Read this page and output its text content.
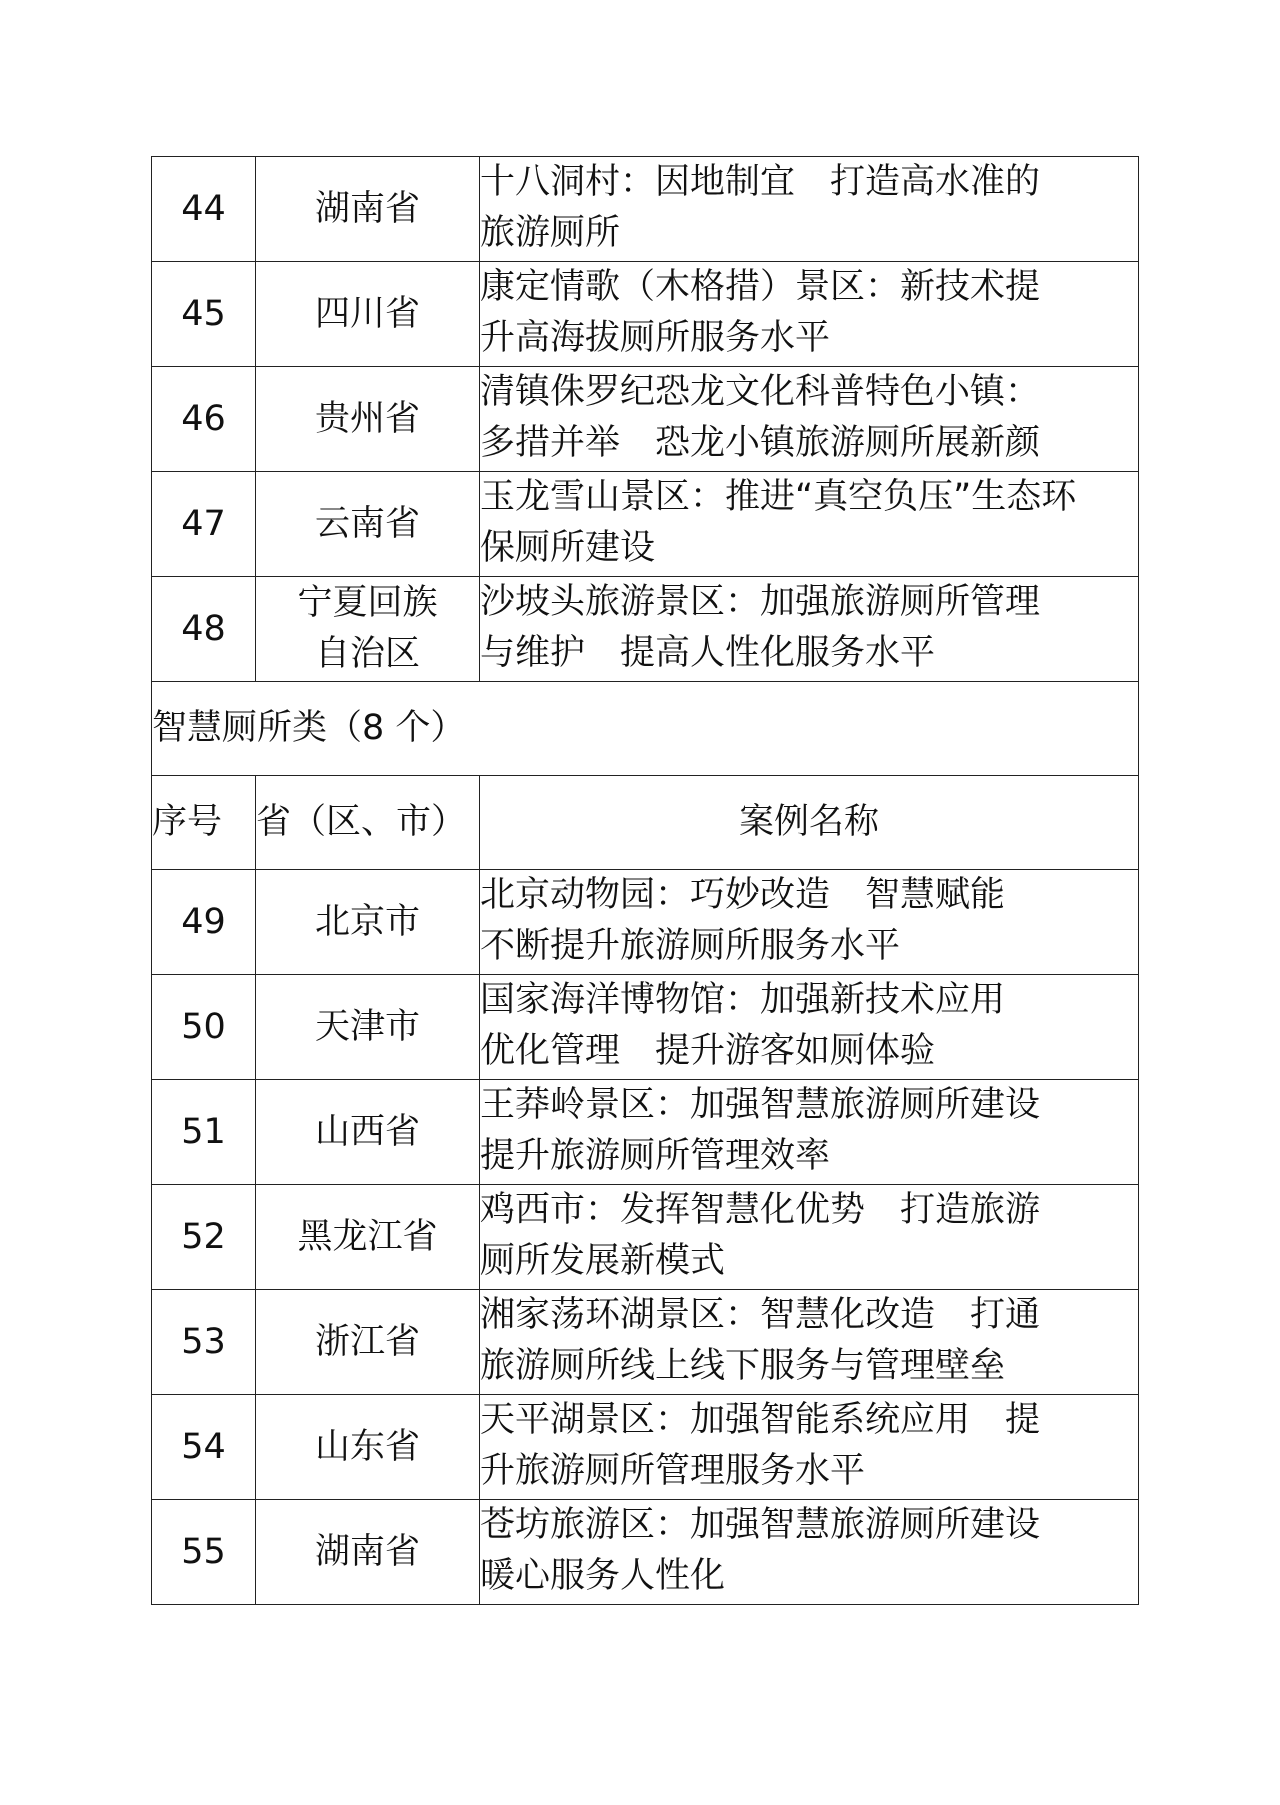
44	湖南省	十八洞村：因地制宜　打造高水准的
旅游厕所

45	四川省	康定情歌（木格措）景区：新技术提
升高海拔厕所服务水平

46	贵州省	清镇侏罗纪恐龙文化科普特色小镇：
多措并举　恐龙小镇旅游厕所展新颜

47	云南省	玉龙雪山景区：推进“真空负压”生态环
保厕所建设

48	宁夏回族
自治区	沙坡头旅游景区：加强旅游厕所管理
与维护　提高人性化服务水平

智慧厕所类（8 个）		
序号	省（区、市）	案例名称
49	北京市	北京动物园：巧妙改造　智慧赋能
不断提升旅游厕所服务水平

50	天津市	国家海洋博物馆：加强新技术应用
优化管理　提升游客如厕体验

51	山西省	王莽岭景区：加强智慧旅游厕所建设
提升旅游厕所管理效率

52	黑龙江省	鸡西市：发挥智慧化优势　打造旅游
厕所发展新模式

53	浙江省	湘家荡环湖景区：智慧化改造　打通
旅游厕所线上线下服务与管理壁垒

54	山东省	天平湖景区：加强智能系统应用　提
升旅游厕所管理服务水平

55	湖南省	苍坊旅游区：加强智慧旅游厕所建设
暖心服务人性化
